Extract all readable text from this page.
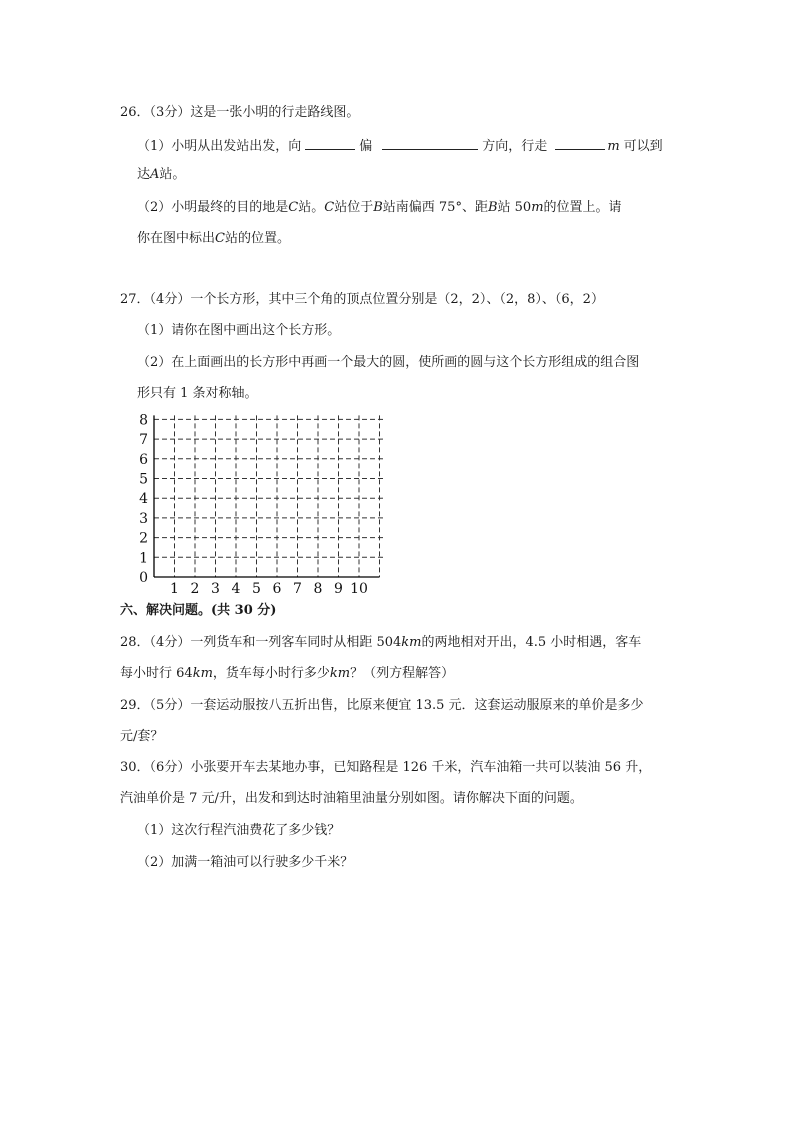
26．（3分）这是一张小明的行走路线图。
（1）小明从出发站出发，向	偏	方向，行走	m 可以到
达A站。
（2）小明最终的目的地是C站。C站位于B站南偏西 75°、距B站 50m的位置上。请
你在图中标出C站的位置。
27．（4分）一个长方形，其中三个角的顶点位置分别是（2，2）、（2，8）、（6，2）
（1）请你在图中画出这个长方形。
（2）在上面画出的长方形中再画一个最大的圆，使所画的圆与这个长方形组成的组合图
形只有 1 条对称轴。
1 2 3 4 5 6 7 8 9 10
1
2
3
4
5
6
7
8
0
六、解决问题。(共 30 分)
28．（4分）一列货车和一列客车同时从相距 504km的两地相对开出，4.5 小时相遇，客车
每小时行 64km，货车每小时行多少km？（列方程解答）
29．（5分）一套运动服按八五折出售，比原来便宜 13.5 元．这套运动服原来的单价是多少
元/套？
30．（6分）小张要开车去某地办事，已知路程是 126 千米，汽车油箱一共可以装油 56 升，
汽油单价是 7 元/升，出发和到达时油箱里油量分别如图。请你解决下面的问题。
（1）这次行程汽油费花了多少钱？
（2）加满一箱油可以行驶多少千米？
